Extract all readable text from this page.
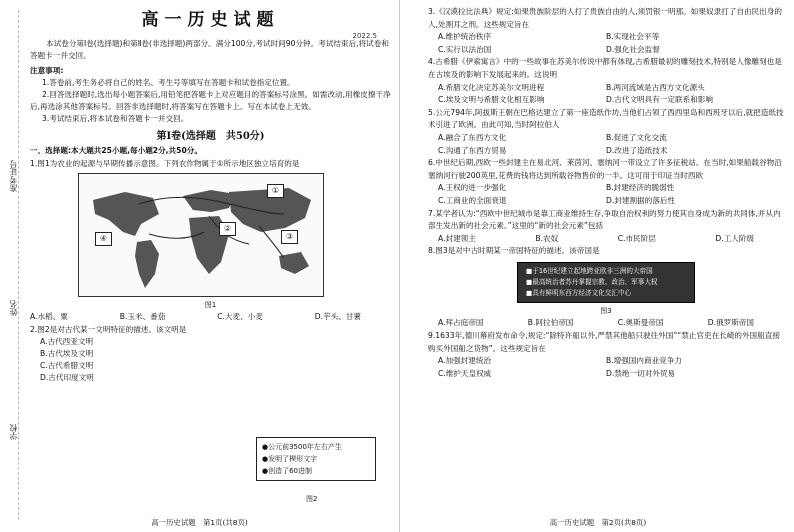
准考证号
姓名
学校
2022.5
高一历史试题
本试卷分第Ⅰ卷(选择题)和第Ⅱ卷(非选择题)两部分。满分100分,考试时间90分钟。考试结束后,将试卷和答题卡一并交回。
注意事项:
1.答卷前,考生务必将自己的姓名、考生号等填写在答题卡和试卷指定位置。
2.回答选择题时,选出每小题答案后,用铅笔把答题卡上对应题目的答案标号涂黑。如需改动,用橡皮擦干净后,再选涂其他答案标号。回答非选择题时,将答案写在答题卡上。写在本试卷上无效。
3.考试结束后,将本试卷和答题卡一并交回。
第Ⅰ卷(选择题　共50分)
一、选择题:本大题共25小题,每小题2分,共50分。
1.图1为农业的起源与早期传播示意图。下列农作物属于①所示地区独立培育的是
①
②
③
④
图1
A.水稻、粟	B.玉米、番茄	C.大麦、小麦	D.芋头、甘薯
2.图2是对古代某一文明特征的描述。该文明是
A.古代西亚文明
B.古代埃及文明
C.古代希腊文明
D.古代印度文明
●公元前3500年左右产生
●发明了楔形文字
●创造了60进制
图2
高一历史试题　第1页(共8页)
3.《汉谟拉比法典》规定:如果贵族阶层的人打了贵族自由的人,须罚银一明那。如果奴隶打了自由民出身的人,处割耳之刑。这些规定旨在
A.维护统治秩序	B.实现社会平等
C.实行以法治国	D.强化社会监督
4.古希腊《伊索寓言》中的一些故事在苏美尔传说中都有体现,古希腊最初的雕刻技术,特别是人像雕刻也是在古埃及的影响下发展起来的。这说明
A.希腊文化决定苏美尔文明进程	B.两河流域是古西方文化源头
C.埃及文明与希腊文化相互影响	D.古代文明具有一定联系和影响
5.公元794年,阿拔斯王朝在巴格达建立了第一座造纸作坊,当他们占领了西西里岛和西班牙以后,就把造纸技术引进了欧洲。由此可知,当时阿拉伯人
A.融合了东西方文化	B.促进了文化交流
C.沟通了东西方贸易	D.改进了造纸技术
6.中世纪后期,西欧一些封建主在易北河、莱茵河、塞纳河一带设立了许多征税站。在当时,如果船载谷物沿塞纳河行驶200英里,花费的钱将达到所载谷物售价的一半。这可用于印证当时西欧
A.王权的进一步强化	B.封建经济的脆弱性
C.工商业的全面衰退	D.封建割据的落后性
7.某学者认为:“西欧中世纪城市是靠工商业维持生存,争取自治权利的努力使其自身成为新的共同体,并从内部生发出新的社会元素。”这里的“新的社会元素”包括
A.封建领主	B.农奴	C.市民阶层	D.工人阶级
8.图3是对中古时期某一帝国特征的描述。该帝国是
■于16世纪建立起地跨亚欧非三洲的大帝国
■最高统治者苏丹掌握宗教、政治、军事大权
■具有鲜明东西方经济文化交汇中心
图3
A.拜占庭帝国	B.阿拉伯帝国	C.奥斯曼帝国	D.俄罗斯帝国
9.1633年,德川幕府发布命令,规定:“除特许船以外,严禁其他船只驶往外国”“禁止官吏在长崎的外国船直接购买外国船之货物”。这些规定旨在
A.加强封建统治	B.增强国内商业竞争力
C.维护天皇权威	D.禁绝一切对外贸易
高一历史试题　第2页(共8页)
